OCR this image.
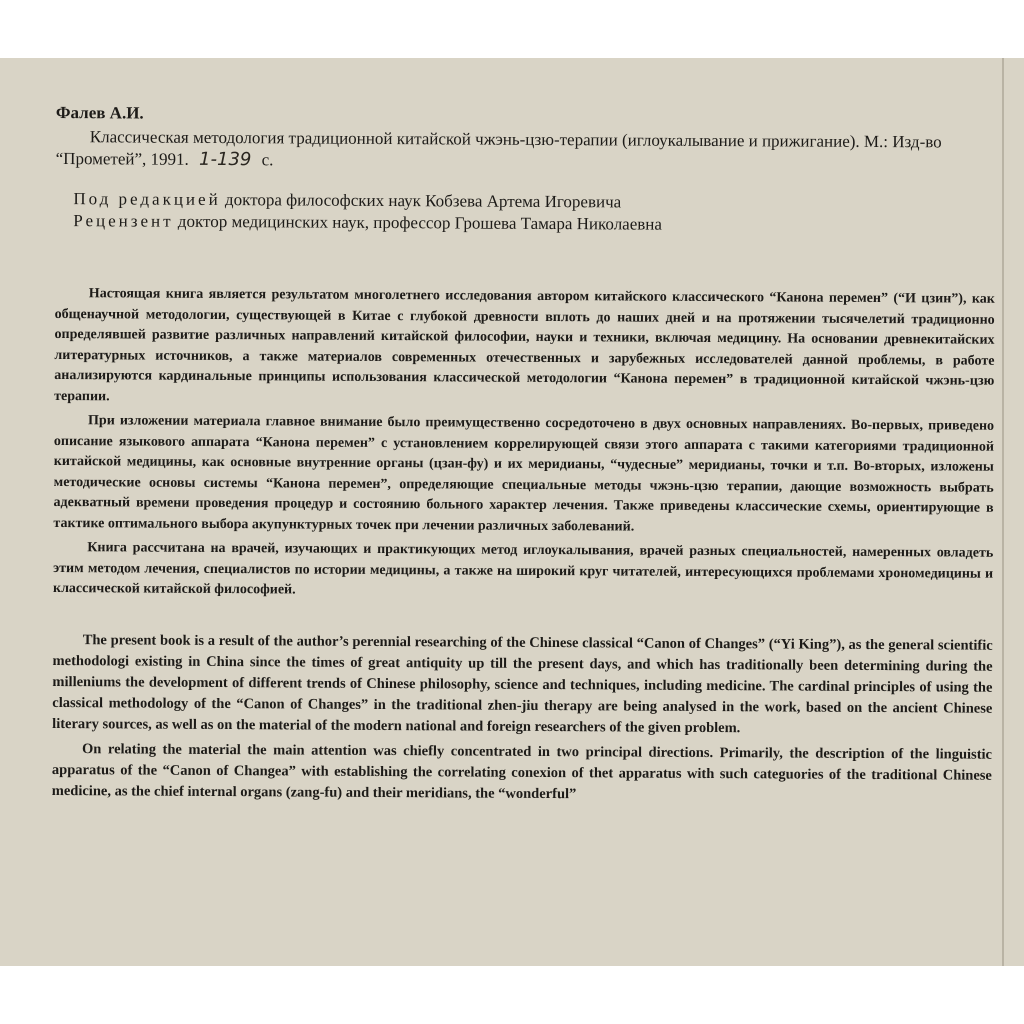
Фалев А.И.

Классическая методология традиционной китайской чжэнь-цзю-терапии (иглоукалывание и прижигание). М.: Изд-во “Прометей”, 1991. 1-139 с.

Под редакцией доктора философских наук Кобзева Артема Игоревича
Рецензент доктор медицинских наук, профессор Грошева Тамара Николаевна

Настоящая книга является результатом многолетнего исследования автором китайского классического “Канона перемен” (“И цзин”), как общенаучной методологии, существующей в Китае с глубокой древности вплоть до наших дней и на протяжении тысячелетий традиционно определявшей развитие различных направлений китайской философии, науки и техники, включая медицину. На основании древнекитайских литературных источников, а также материалов современных отечественных и зарубежных исследователей данной проблемы, в работе анализируются кардинальные принципы использования классической методологии “Канона перемен” в традиционной китайской чжэнь-цзю терапии.

При изложении материала главное внимание было преимущественно сосредоточено в двух основных направлениях. Во-первых, приведено описание языкового аппарата “Канона перемен” с установлением коррелирующей связи этого аппарата с такими категориями традиционной китайской медицины, как основные внутренние органы (цзан-фу) и их меридианы, “чудесные” меридианы, точки и т.п. Во-вторых, изложены методические основы системы “Канона перемен”, определяющие специальные методы чжэнь-цзю терапии, дающие возможность выбрать адекватный времени проведения процедур и состоянию больного характер лечения. Также приведены классические схемы, ориентирующие в тактике оптимального выбора акупунктурных точек при лечении различных заболеваний.

Книга рассчитана на врачей, изучающих и практикующих метод иглоукалывания, врачей разных специальностей, намеренных овладеть этим методом лечения, специалистов по истории медицины, а также на широкий круг читателей, интересующихся проблемами хрономедицины и классической китайской философией.

The present book is a result of the author’s perennial researching of the Chinese classical “Canon of Changes” (“Yi King”), as the general scientific methodologi existing in China since the times of great antiquity up till the present days, and which has traditionally been determining during the milleniums the development of different trends of Chinese philosophy, science and techniques, including medicine. The cardinal principles of using the classical methodology of the “Canon of Changes” in the traditional zhen-jiu therapy are being analysed in the work, based on the ancient Chinese literary sources, as well as on the material of the modern national and foreign researchers of the given problem.

On relating the material the main attention was chiefly concentrated in two principal directions. Primarily, the description of the linguistic apparatus of the “Canon of Changea” with establishing the correlating conexion of thet apparatus with such categuories of the traditional Chinese medicine, as the chief internal organs (zang-fu) and their meridians, the “wonderful”
